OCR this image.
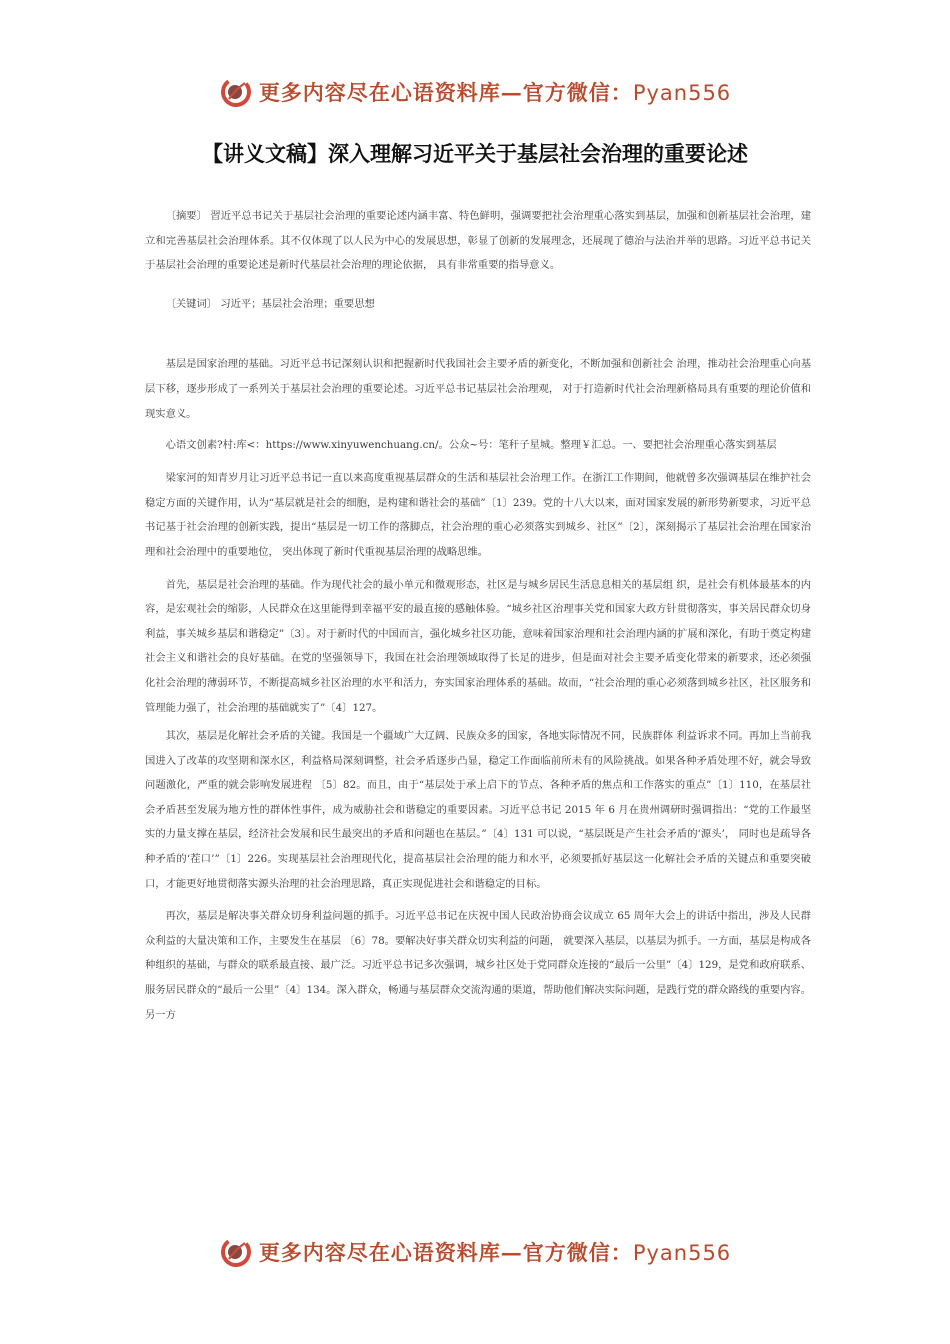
更多内容尽在心语资料库—官方微信：Pyan556
【讲义文稿】深入理解习近平关于基层社会治理的重要论述

〔摘要〕 習近平总书记关于基层社会治理的重要论述内涵丰富、特色鲜明，强调要把社会治理重心落实到基层，加强和创新基层社会治理，建立和完善基层社会治理体系。其不仅体现了以人民为中心的发展思想，彰显了创新的发展理念，还展现了德治与法治并举的思路。习近平总书记关于基层社会治理的重要论述是新时代基层社会治理的理论依据， 具有非常重要的指导意义。

〔关键词〕 习近平；基层社会治理；重要思想

基层是国家治理的基础。习近平总书记深刻认识和把握新时代我国社会主要矛盾的新变化，不断加强和创新社会 治理，推动社会治理重心向基层下移，逐步形成了一系列关于基层社会治理的重要论述。习近平总书记基层社会治理观， 对于打造新时代社会治理新格局具有重要的理论价值和现实意义。

心语文创素?村:库<：https://www.xinyuwenchuang.cn/。公众~号：笔秆子星城。整理￥汇总。一、要把社会治理重心落实到基层

梁家河的知青岁月让习近平总书记一直以来高度重视基层群众的生活和基层社会治理工作。在浙江工作期间，他就曾多次强调基层在维护社会稳定方面的关键作用，认为“基层就是社会的细胞，是构建和谐社会的基础”〔1〕239。党的十八大以来，面对国家发展的新形势新要求，习近平总书记基于社会治理的创新实践，提出“基层是一切工作的落脚点，社会治理的重心必须落实到城乡、社区”〔2〕，深刻揭示了基层社会治理在国家治理和社会治理中的重要地位， 突出体现了新时代重视基层治理的战略思维。

首先，基层是社会治理的基础。作为现代社会的最小单元和微观形态，社区是与城乡居民生活息息相关的基层组 织，是社会有机体最基本的内容，是宏观社会的缩影，人民群众在这里能得到幸福平安的最直接的感触体验。“城乡社区治理事关党和国家大政方针贯彻落实，事关居民群众切身利益，事关城乡基层和谐稳定”〔3〕。对于新时代的中国而言，强化城乡社区功能，意味着国家治理和社会治理内涵的扩展和深化，有助于奠定构建社会主义和谐社会的良好基础。在党的坚强领导下，我国在社会治理领域取得了长足的进步，但是面对社会主要矛盾变化带来的新要求，还必须强化社会治理的薄弱环节，不断提高城乡社区治理的水平和活力，夯实国家治理体系的基础。故而，“社会治理的重心必须落到城乡社区，社区服务和管理能力强了，社会治理的基础就实了”〔4〕127。

其次，基层是化解社会矛盾的关键。我国是一个疆域广大辽阔、民族众多的国家，各地实际情况不同，民族群体 利益诉求不同。再加上当前我国进入了改革的攻坚期和深水区，利益格局深刻调整，社会矛盾逐步凸显，稳定工作面临前所未有的风险挑战。如果各种矛盾处理不好，就会导致问题激化，严重的就会影响发展进程 〔5〕82。而且，由于“基层处于承上启下的节点、各种矛盾的焦点和工作落实的重点”〔1〕110，在基层社会矛盾甚至发展为地方性的群体性事件，成为威胁社会和谐稳定的重要因素。习近平总书记 2015 年 6 月在贵州调研时强调指出：“党的工作最坚实的力量支撑在基层，经济社会发展和民生最突出的矛盾和问题也在基层。”〔4〕131 可以说，“基层既是产生社会矛盾的‘源头’， 同时也是疏导各种矛盾的‘茬口’”〔1〕226。实现基层社会治理现代化，提高基层社会治理的能力和水平，必须要抓好基层这一化解社会矛盾的关键点和重要突破口，才能更好地贯彻落实源头治理的社会治理思路，真正实现促进社会和谐稳定的目标。

再次，基层是解决事关群众切身利益问题的抓手。习近平总书记在庆祝中国人民政治协商会议成立 65 周年大会上的讲话中指出，涉及人民群众利益的大量决策和工作，主要发生在基层 〔6〕78。要解决好事关群众切实利益的问题， 就要深入基层，以基层为抓手。一方面，基层是构成各种组织的基础，与群众的联系最直接、最广泛。习近平总书记多次强调，城乡社区处于党同群众连接的“最后一公里”〔4〕129，是党和政府联系、服务居民群众的“最后一公里”〔4〕134。深入群众，畅通与基层群众交流沟通的渠道，帮助他们解决实际问题，是践行党的群众路线的重要内容。另一方

更多内容尽在心语资料库—官方微信：Pyan556
